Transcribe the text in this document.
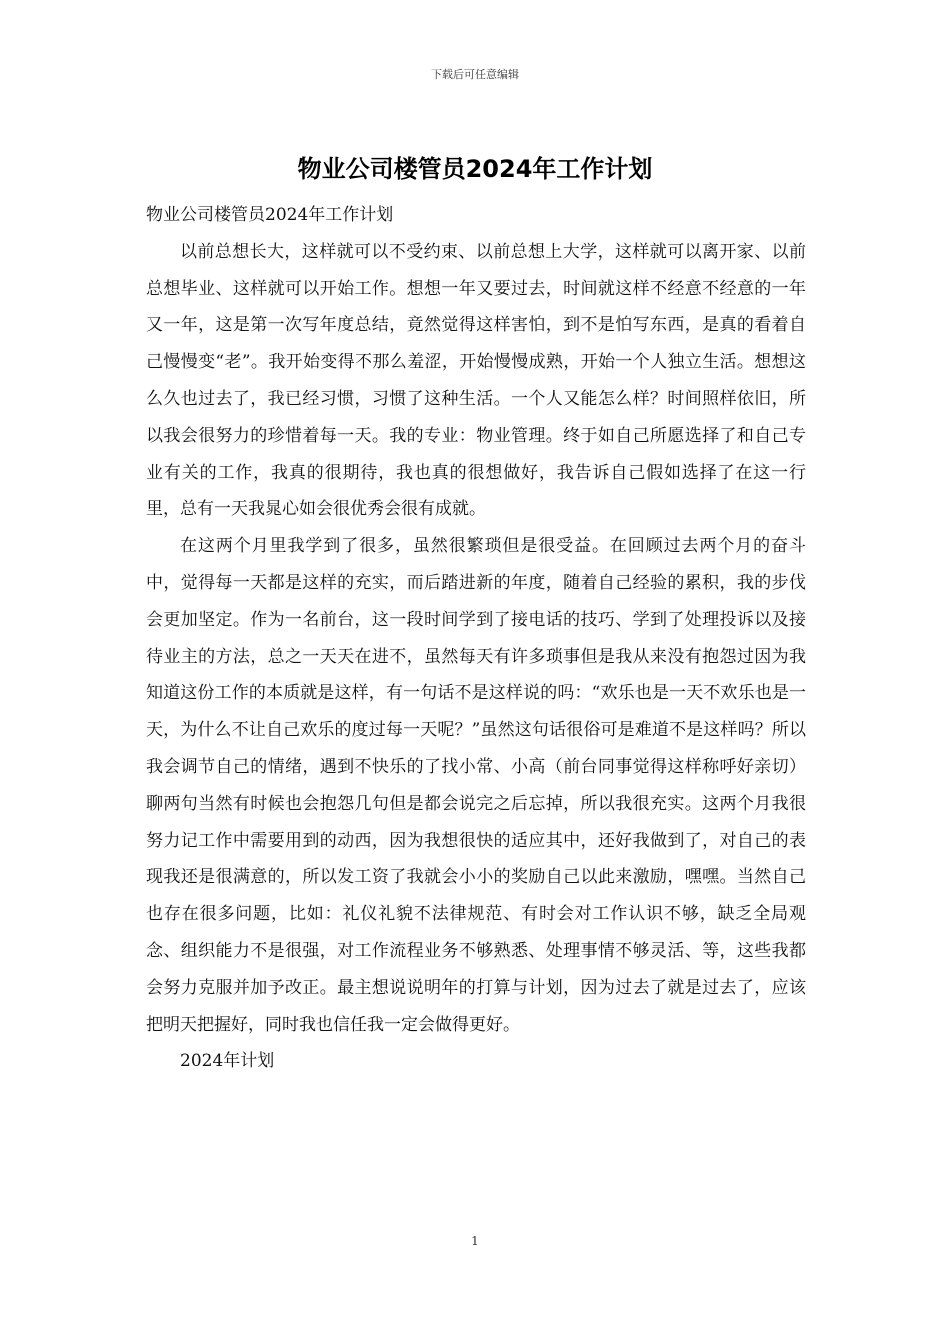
下载后可任意编辑
物业公司楼管员2024年工作计划

物业公司楼管员2024年工作计划

以前总想长大，这样就可以不受约束、以前总想上大学，这样就可以离开家、以前总想毕业、这样就可以开始工作。想想一年又要过去，时间就这样不经意不经意的一年又一年，这是第一次写年度总结，竟然觉得这样害怕，到不是怕写东西，是真的看着自己慢慢变“老”。我开始变得不那么羞涩，开始慢慢成熟，开始一个人独立生活。想想这么久也过去了，我已经习惯，习惯了这种生活。一个人又能怎么样？时间照样依旧，所以我会很努力的珍惜着每一天。我的专业：物业管理。终于如自己所愿选择了和自己专业有关的工作，我真的很期待，我也真的很想做好，我告诉自己假如选择了在这一行里，总有一天我晁心如会很优秀会很有成就。

在这两个月里我学到了很多，虽然很繁琐但是很受益。在回顾过去两个月的奋斗中，觉得每一天都是这样的充实，而后踏进新的年度，随着自己经验的累积，我的步伐会更加坚定。作为一名前台，这一段时间学到了接电话的技巧、学到了处理投诉以及接待业主的方法，总之一天天在进不，虽然每天有许多琐事但是我从来没有抱怨过因为我知道这份工作的本质就是这样，有一句话不是这样说的吗：“欢乐也是一天不欢乐也是一天，为什么不让自己欢乐的度过每一天呢？”虽然这句话很俗可是难道不是这样吗？所以我会调节自己的情绪，遇到不快乐的了找小常、小高（前台同事觉得这样称呼好亲切）聊两句当然有时候也会抱怨几句但是都会说完之后忘掉，所以我很充实。这两个月我很努力记工作中需要用到的动西，因为我想很快的适应其中，还好我做到了，对自己的表现我还是很满意的，所以发工资了我就会小小的奖励自己以此来激励，嘿嘿。当然自己也存在很多问题，比如：礼仪礼貌不法律规范、有时会对工作认识不够，缺乏全局观念、组织能力不是很强，对工作流程业务不够熟悉、处理事情不够灵活、等，这些我都会努力克服并加予改正。最主想说说明年的打算与计划，因为过去了就是过去了，应该把明天把握好，同时我也信任我一定会做得更好。

2024年计划

1
